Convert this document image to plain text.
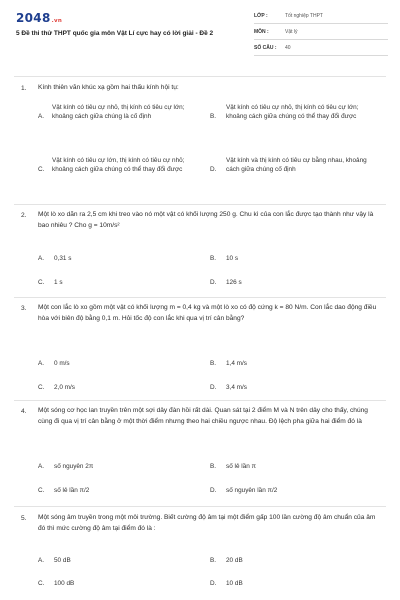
2048.vn
5 Đề thi thử THPT quốc gia môn Vật Lí cực hay có lời giải - Đề 2
LỚP :	Tốt nghiệp THPT
MÔN :	Vật lý
SỐ CÂU : 40
1. Kính thiên văn khúc xạ gồm hai thấu kính hội tụ:
A.
Vật kính có tiêu cự nhỏ, thị kính có tiêu cự lớn; khoảng cách giữa chúng là cố định	B.
Vật kính có tiêu cự nhỏ, thị kính có tiêu cự lớn; khoảng cách giữa chúng có thể thay đổi được
C.
Vật kính có tiêu cự lớn, thị kính có tiêu cự nhỏ; khoảng cách giữa chúng có thể thay đổi được	D.
Vật kính và thị kính có tiêu cự bằng nhau, khoảng cách giữa chúng cố định
2. Một lò xo dãn ra 2,5 cm khi treo vào nó một vật có khối lượng 250 g. Chu kì của con lắc được tạo thành như vậy là bao nhiêu ? Cho g = 10m/s²
A. 0,31 s	B. 10 s
C. 1 s	D. 126 s
3. Một con lắc lò xo gồm một vật có khối lượng m = 0,4 kg và một lò xo có độ cứng k = 80 N/m. Con lắc dao động điều hòa với biên độ bằng 0,1 m. Hỏi tốc độ con lắc khi qua vị trí cân bằng?
A. 0 m/s	B. 1,4 m/s
C. 2,0 m/s	D. 3,4 m/s
4. Một sóng cơ học lan truyền trên một sợi dây đàn hồi rất dài. Quan sát tại 2 điểm M và N trên dây cho thấy, chúng cùng đi qua vị trí cân bằng ở một thời điểm nhưng theo hai chiều ngược nhau. Độ lệch pha giữa hai điểm đó là
A. số nguyên 2π	B. số lẻ lần π
C. số lẻ lần π/2	D. số nguyên lần π/2
5. Một sóng âm truyền trong một môi trường. Biết cường độ âm tại một điểm gấp 100 lần cường độ âm chuẩn của âm đó thì mức cường độ âm tại điểm đó là :
A. 50 dB	B. 20 dB
C. 100 dB	D. 10 dB
